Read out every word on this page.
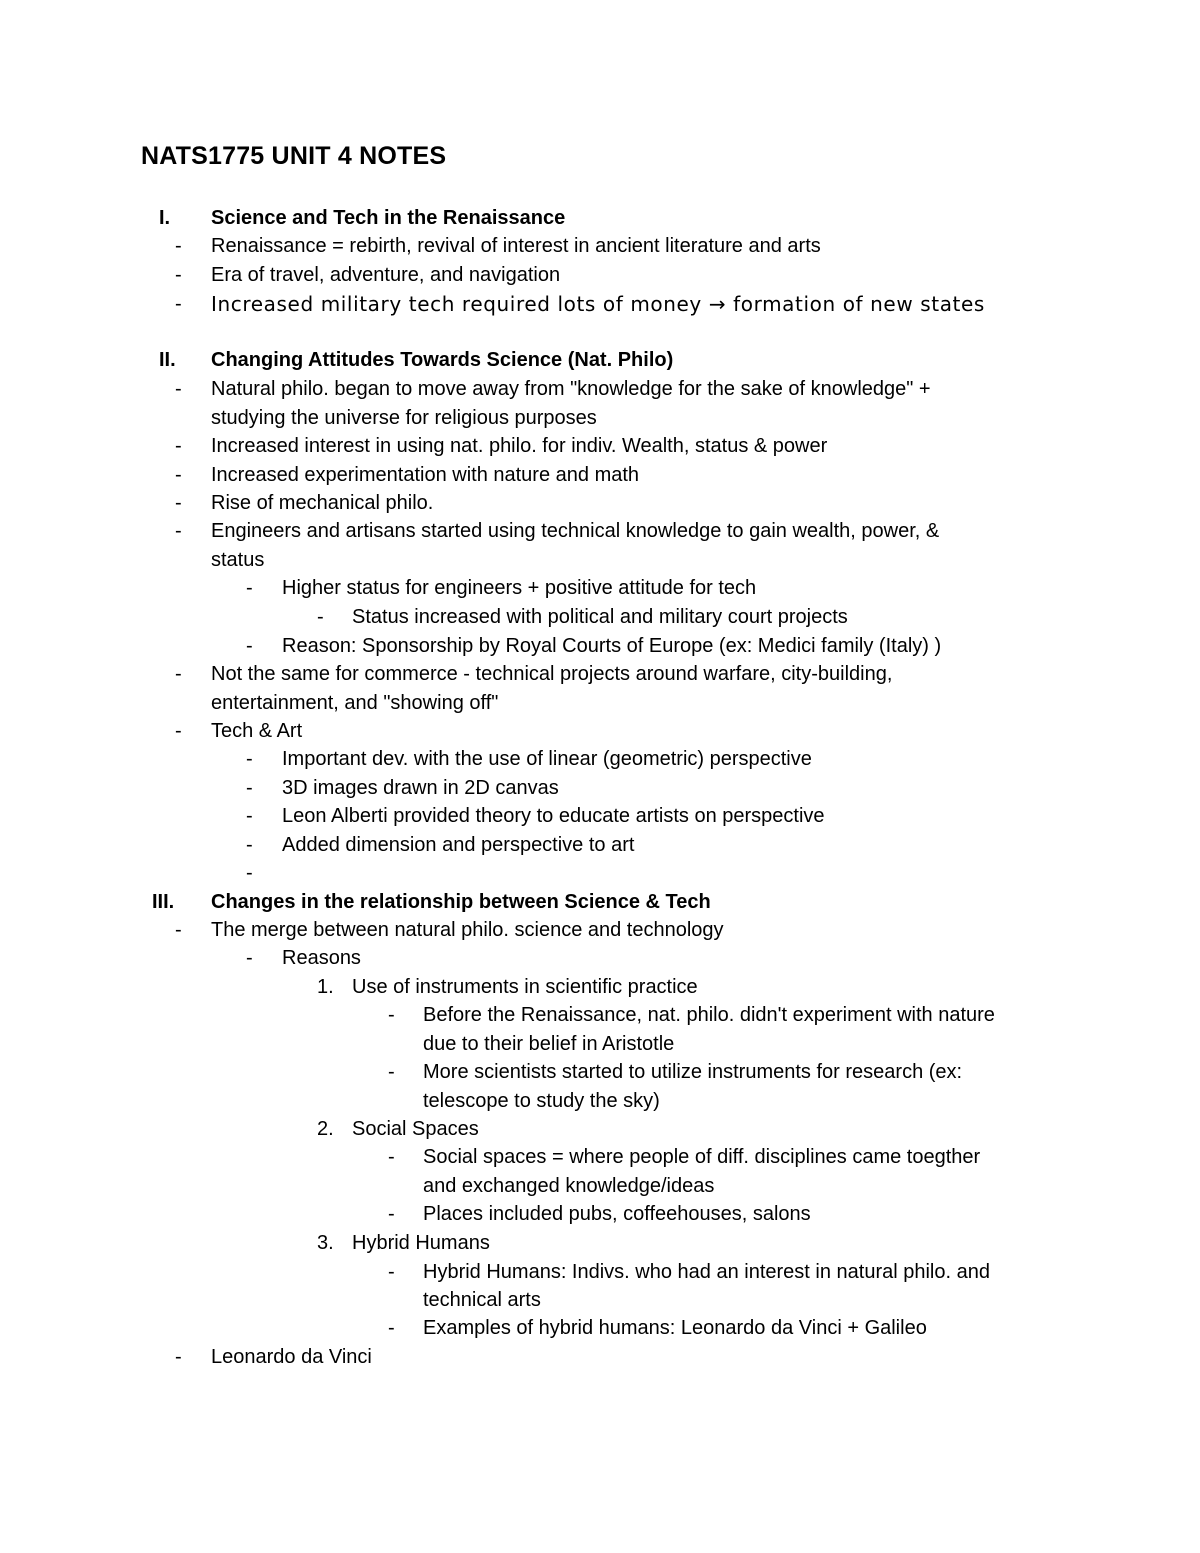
NATS1775 UNIT 4 NOTES
I. Science and Tech in the Renaissance
- Renaissance = rebirth, revival of interest in ancient literature and arts
- Era of travel, adventure, and navigation
- Increased military tech required lots of money → formation of new states
II. Changing Attitudes Towards Science (Nat. Philo)
- Natural philo. began to move away from "knowledge for the sake of knowledge" +
studying the universe for religious purposes
- Increased interest in using nat. philo. for indiv. Wealth, status & power
- Increased experimentation with nature and math
- Rise of mechanical philo.
- Engineers and artisans started using technical knowledge to gain wealth, power, &
status
- Higher status for engineers + positive attitude for tech
- Status increased with political and military court projects
- Reason: Sponsorship by Royal Courts of Europe (ex: Medici family (Italy) )
- Not the same for commerce - technical projects around warfare, city-building,
entertainment, and "showing off"
- Tech & Art
- Important dev. with the use of linear (geometric) perspective
- 3D images drawn in 2D canvas
- Leon Alberti provided theory to educate artists on perspective
- Added dimension and perspective to art
-
III. Changes in the relationship between Science & Tech
- The merge between natural philo. science and technology
- Reasons
1. Use of instruments in scientific practice
- Before the Renaissance, nat. philo. didn't experiment with nature
due to their belief in Aristotle
- More scientists started to utilize instruments for research (ex:
telescope to study the sky)
2. Social Spaces
- Social spaces = where people of diff. disciplines came toegther
and exchanged knowledge/ideas
- Places included pubs, coffeehouses, salons
3. Hybrid Humans
- Hybrid Humans: Indivs. who had an interest in natural philo. and
technical arts
- Examples of hybrid humans: Leonardo da Vinci + Galileo
- Leonardo da Vinci
